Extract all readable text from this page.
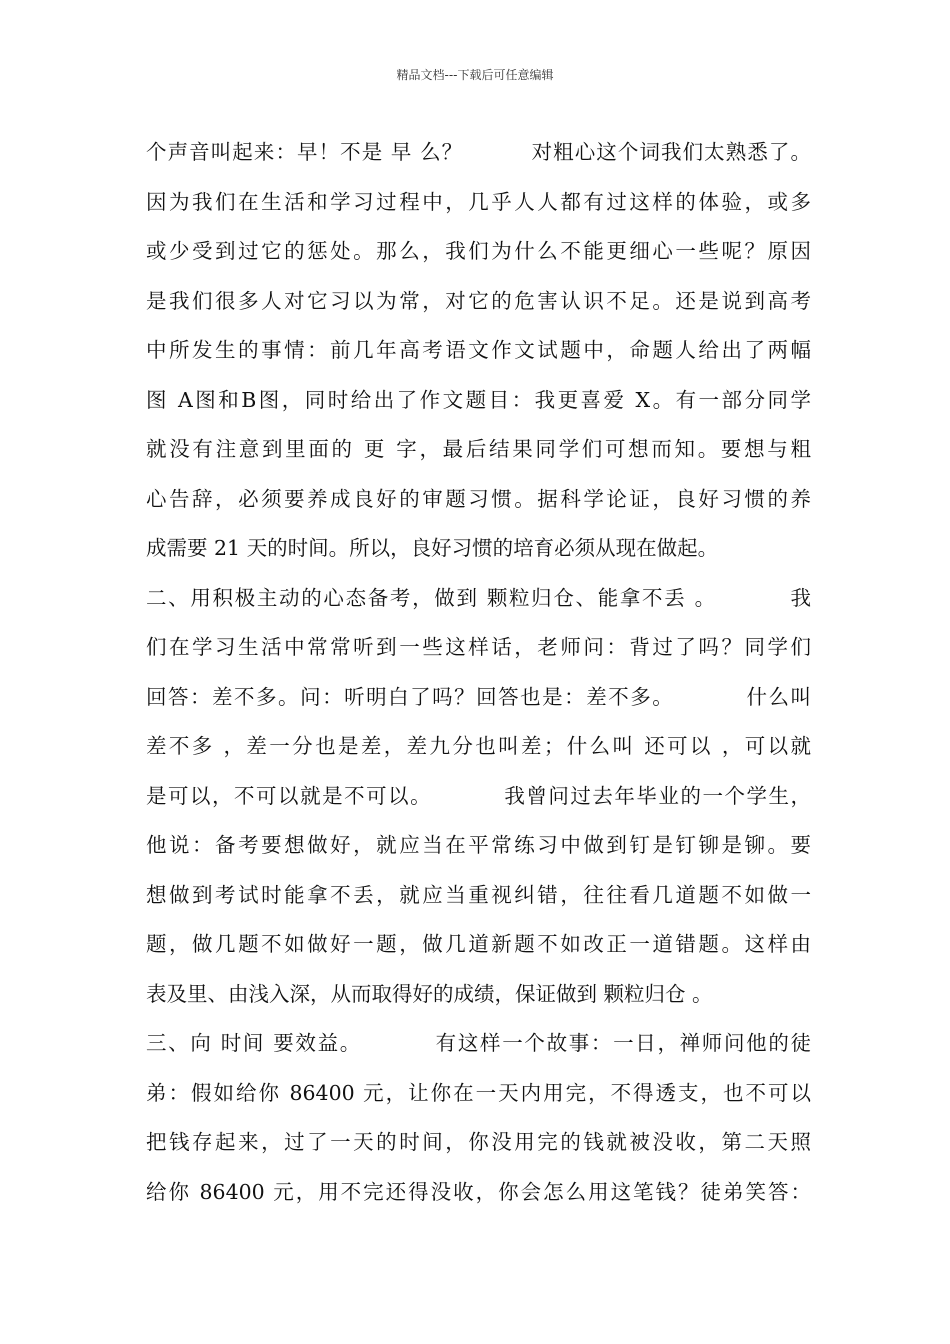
精品文档---下载后可任意编辑
个声音叫起来：早！不是 早 么？         对粗心这个词我们太熟悉了。
因为我们在生活和学习过程中，几乎人人都有过这样的体验，或多
或少受到过它的惩处。那么，我们为什么不能更细心一些呢？原因
是我们很多人对它习以为常，对它的危害认识不足。还是说到高考
中所发生的事情：前几年高考语文作文试题中，命题人给出了两幅
图 A图和B图，同时给出了作文题目：我更喜爱 X。有一部分同学
就没有注意到里面的 更 字，最后结果同学们可想而知。要想与粗
心告辞，必须要养成良好的审题习惯。据科学论证，良好习惯的养
成需要 21 天的时间。所以，良好习惯的培育必须从现在做起。
二、用积极主动的心态备考，做到 颗粒归仓、能拿不丢 。         我
们在学习生活中常常听到一些这样话，老师问：背过了吗？同学们
回答：差不多。问：听明白了吗？回答也是：差不多。         什么叫
差不多 ，差一分也是差，差九分也叫差；什么叫 还可以 ，可以就
是可以，不可以就是不可以。         我曾问过去年毕业的一个学生，
他说：备考要想做好，就应当在平常练习中做到钉是钉铆是铆。要
想做到考试时能拿不丢，就应当重视纠错，往往看几道题不如做一
题，做几题不如做好一题，做几道新题不如改正一道错题。这样由
表及里、由浅入深，从而取得好的成绩，保证做到 颗粒归仓 。
三、向 时间 要效益。         有这样一个故事：一日，禅师问他的徒
弟：假如给你 86400 元，让你在一天内用完，不得透支，也不可以
把钱存起来，过了一天的时间，你没用完的钱就被没收，第二天照
给你 86400 元，用不完还得没收，你会怎么用这笔钱？徒弟笑答：
